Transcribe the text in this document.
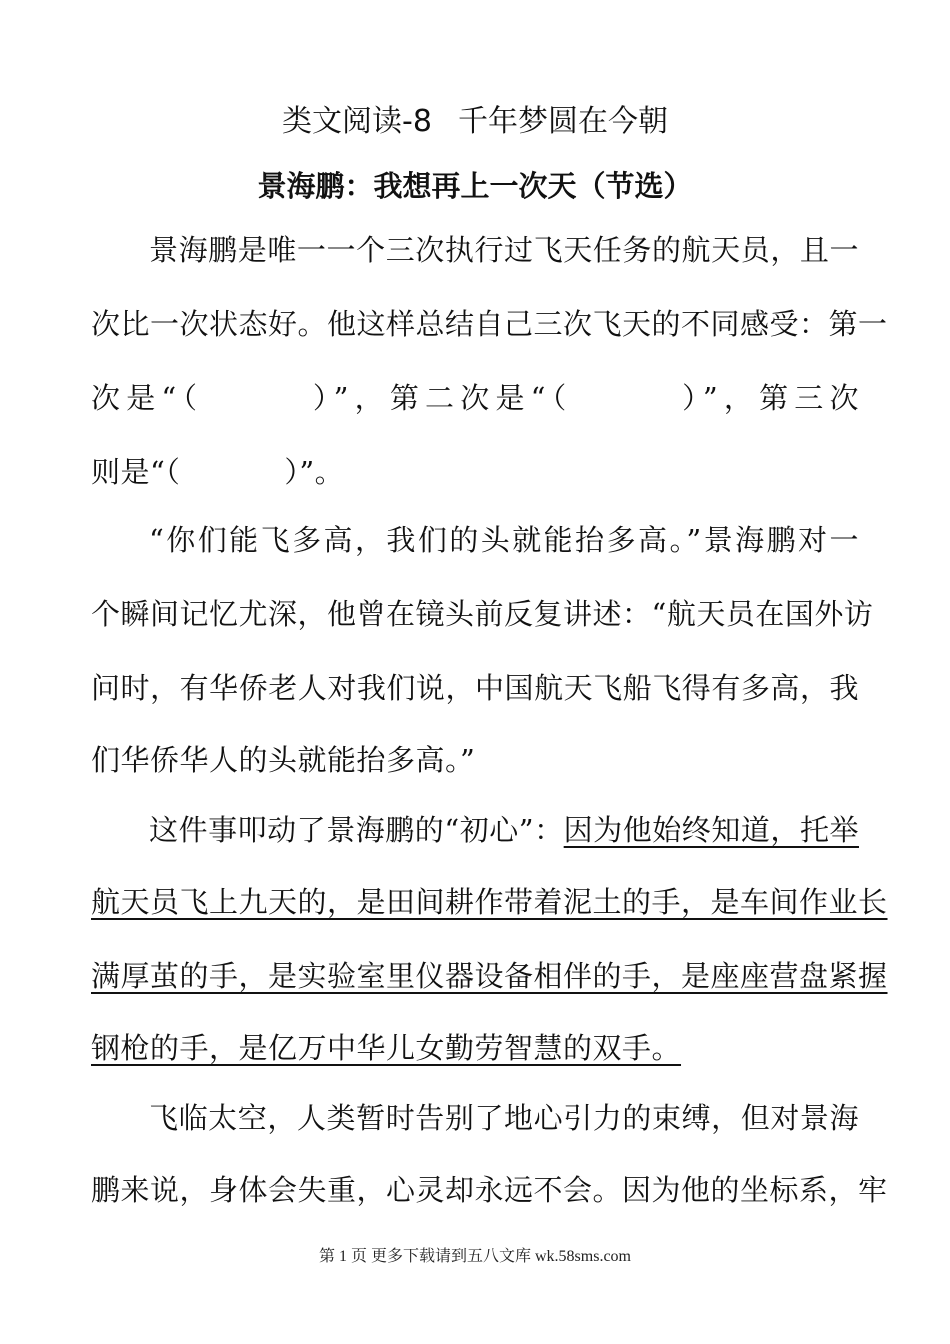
类文阅读-8 千年梦圆在今朝
景海鹏：我想再上一次天（节选）
景海鹏是唯一一个三次执行过飞天任务的航天员，且一
次比一次状态好。他这样总结自己三次飞天的不同感受：第一
次是“（	）”，第二次是“（	）”，第三次
则是“（	）”。
“你们能飞多高，我们的头就能抬多高。”景海鹏对一
个瞬间记忆尤深，他曾在镜头前反复讲述：“航天员在国外访
问时，有华侨老人对我们说，中国航天飞船飞得有多高，我
们华侨华人的头就能抬多高。”
这件事叩动了景海鹏的“初心”：因为他始终知道，托举
航天员飞上九天的，是田间耕作带着泥土的手，是车间作业长
满厚茧的手，是实验室里仪器设备相伴的手，是座座营盘紧握
钢枪的手，是亿万中华儿女勤劳智慧的双手。
飞临太空，人类暂时告别了地心引力的束缚，但对景海
鹏来说，身体会失重，心灵却永远不会。因为他的坐标系，牢
第 1 页 更多下载请到五八文库 wk.58sms.com
